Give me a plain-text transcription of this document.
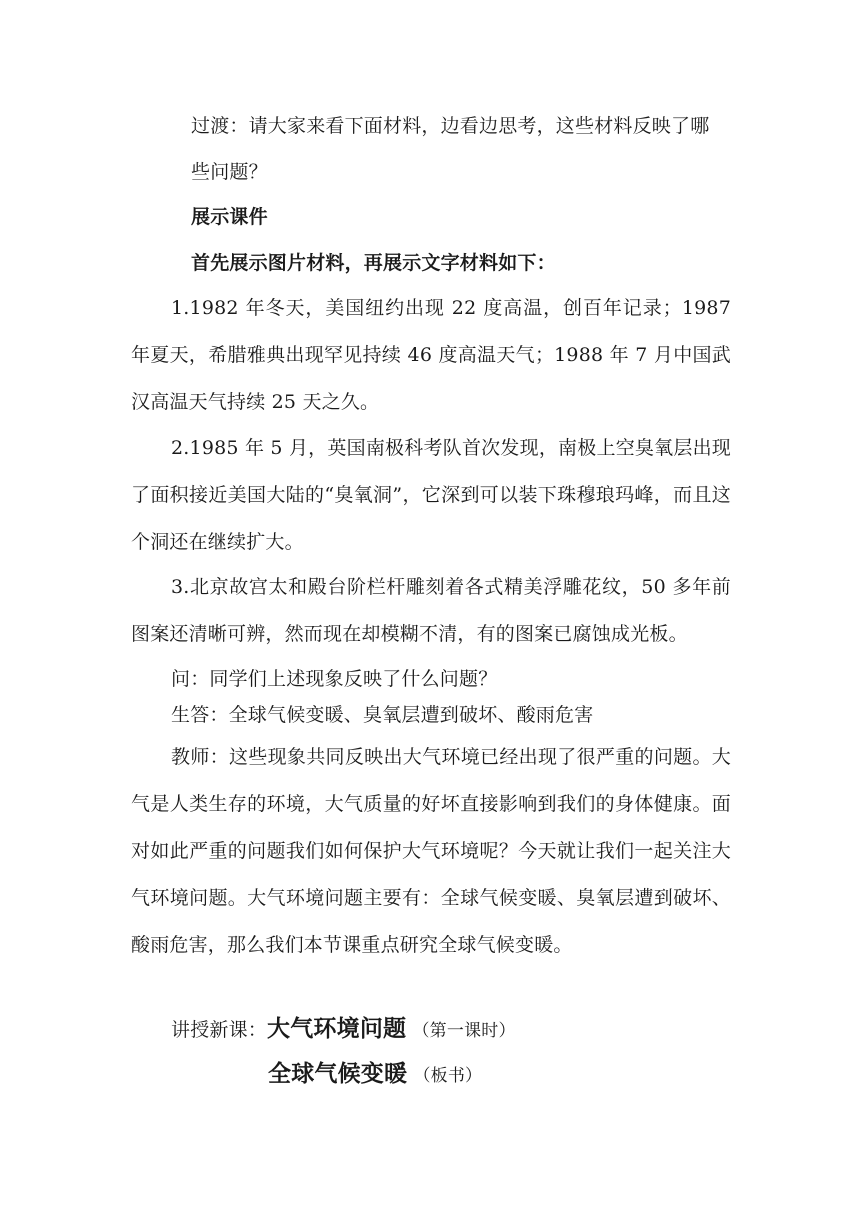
过渡：请大家来看下面材料，边看边思考，这些材料反映了哪
些问题？
展示课件
首先展示图片材料，再展示文字材料如下：
1.1982 年冬天，美国纽约出现 22 度高温，创百年记录；1987 年夏天，希腊雅典出现罕见持续 46 度高温天气；1988 年 7 月中国武汉高温天气持续 25 天之久。
2.1985 年 5 月，英国南极科考队首次发现，南极上空臭氧层出现了面积接近美国大陆的“臭氧洞”，它深到可以装下珠穆琅玛峰，而且这个洞还在继续扩大。
3.北京故宫太和殿台阶栏杆雕刻着各式精美浮雕花纹，50 多年前图案还清晰可辨，然而现在却模糊不清，有的图案已腐蚀成光板。
问：同学们上述现象反映了什么问题？
生答：全球气候变暖、臭氧层遭到破坏、酸雨危害
教师：这些现象共同反映出大气环境已经出现了很严重的问题。大气是人类生存的环境，大气质量的好坏直接影响到我们的身体健康。面对如此严重的问题我们如何保护大气环境呢？今天就让我们一起关注大气环境问题。大气环境问题主要有：全球气候变暖、臭氧层遭到破坏、酸雨危害，那么我们本节课重点研究全球气候变暖。
讲授新课：大气环境问题 （第一课时）
全球气候变暖 （板书）
